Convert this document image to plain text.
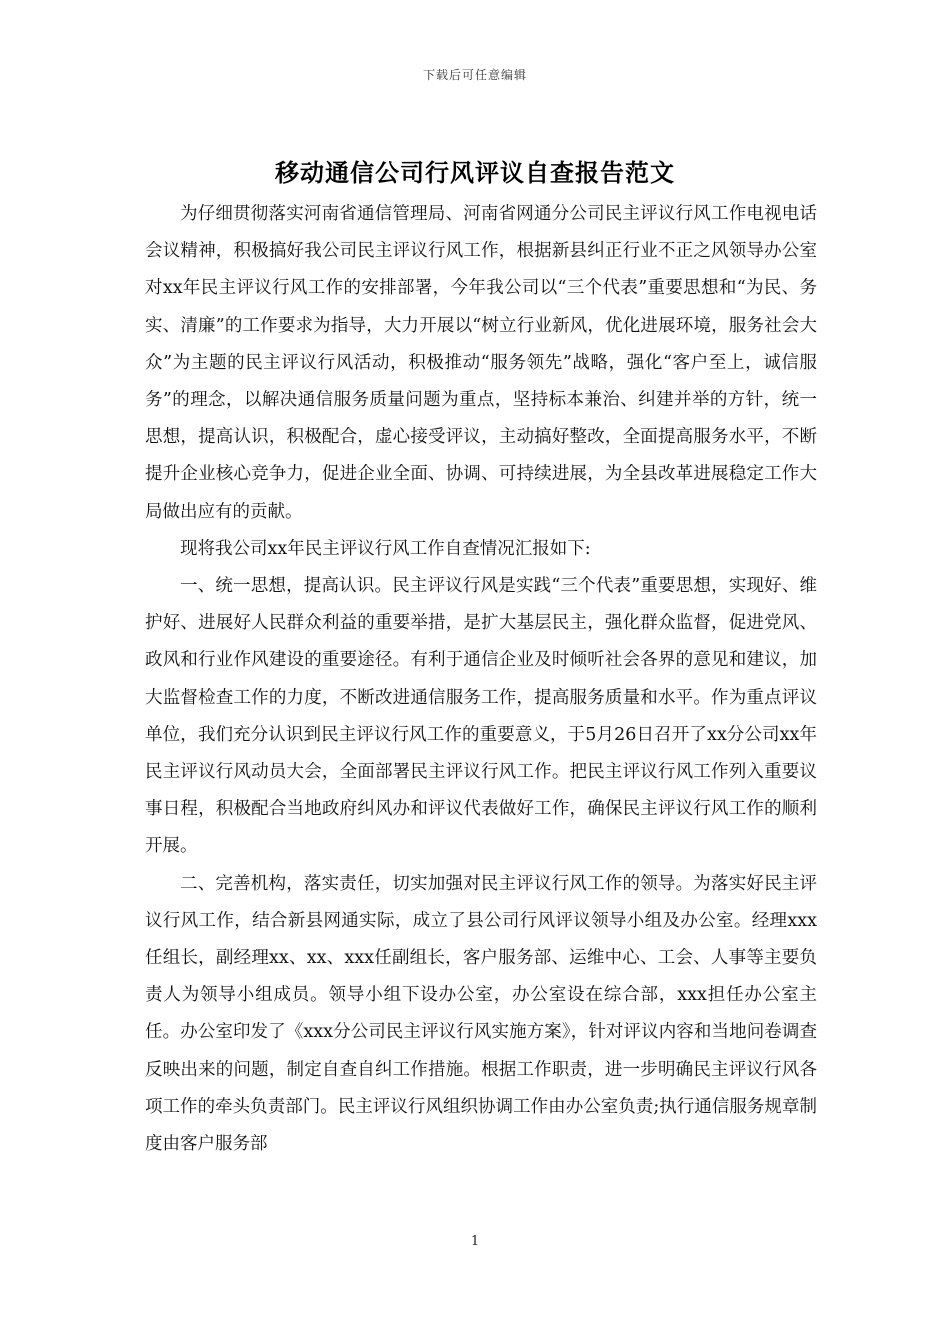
下载后可任意编辑
移动通信公司行风评议自查报告范文

为仔细贯彻落实河南省通信管理局、河南省网通分公司民主评议行风工作电视电话会议精神，积极搞好我公司民主评议行风工作，根据新县纠正行业不正之风领导办公室对xx年民主评议行风工作的安排部署，今年我公司以“三个代表”重要思想和“为民、务实、清廉”的工作要求为指导，大力开展以“树立行业新风，优化进展环境，服务社会大众”为主题的民主评议行风活动，积极推动“服务领先”战略，强化“客户至上，诚信服务”的理念，以解决通信服务质量问题为重点，坚持标本兼治、纠建并举的方针，统一思想，提高认识，积极配合，虚心接受评议，主动搞好整改，全面提高服务水平，不断提升企业核心竞争力，促进企业全面、协调、可持续进展，为全县改革进展稳定工作大局做出应有的贡献。

现将我公司xx年民主评议行风工作自查情况汇报如下:

一、统一思想，提高认识。民主评议行风是实践“三个代表”重要思想，实现好、维护好、进展好人民群众利益的重要举措，是扩大基层民主，强化群众监督，促进党风、政风和行业作风建设的重要途径。有利于通信企业及时倾听社会各界的意见和建议，加大监督检查工作的力度，不断改进通信服务工作，提高服务质量和水平。作为重点评议单位，我们充分认识到民主评议行风工作的重要意义，于5月26日召开了xx分公司xx年民主评议行风动员大会，全面部署民主评议行风工作。把民主评议行风工作列入重要议事日程，积极配合当地政府纠风办和评议代表做好工作，确保民主评议行风工作的顺利开展。

二、完善机构，落实责任，切实加强对民主评议行风工作的领导。为落实好民主评议行风工作，结合新县网通实际，成立了县公司行风评议领导小组及办公室。经理xxx任组长，副经理xx、xx、xxx任副组长，客户服务部、运维中心、工会、人事等主要负责人为领导小组成员。领导小组下设办公室，办公室设在综合部，xxx担任办公室主任。办公室印发了《xxx分公司民主评议行风实施方案》，针对评议内容和当地问卷调查反映出来的问题，制定自查自纠工作措施。根据工作职责，进一步明确民主评议行风各项工作的牵头负责部门。民主评议行风组织协调工作由办公室负责;执行通信服务规章制度由客户服务部

1
